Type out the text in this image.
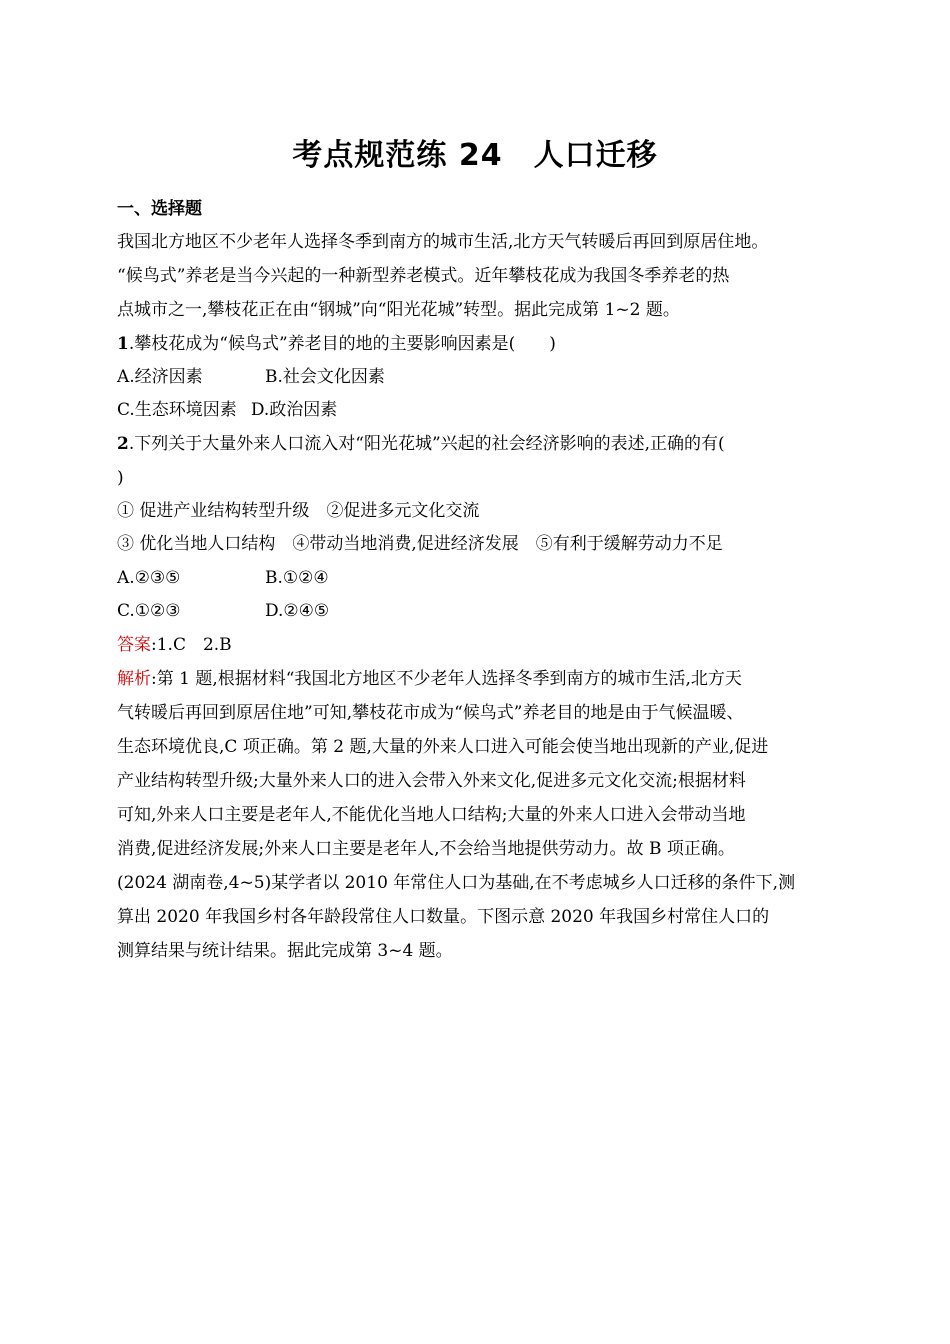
考点规范练 24　人口迁移
一、选择题
我国北方地区不少老年人选择冬季到南方的城市生活,北方天气转暖后再回到原居住地。
“候鸟式”养老是当今兴起的一种新型养老模式。近年攀枝花成为我国冬季养老的热
点城市之一,攀枝花正在由“钢城”向“阳光花城”转型。据此完成第 1~2 题。
1.攀枝花成为“候鸟式”养老目的地的主要影响因素是(　　)
A.经济因素	B.社会文化因素
C.生态环境因素 D.政治因素
2.下列关于大量外来人口流入对“阳光花城”兴起的社会经济影响的表述,正确的有(
)
① 促进产业结构转型升级　②促进多元文化交流
③ 优化当地人口结构　④带动当地消费,促进经济发展　⑤有利于缓解劳动力不足
A.②③⑤	B.①②④
C.①②③	D.②④⑤
答案:1.C　2.B
解析:第 1 题,根据材料“我国北方地区不少老年人选择冬季到南方的城市生活,北方天
气转暖后再回到原居住地”可知,攀枝花市成为“候鸟式”养老目的地是由于气候温暖、
生态环境优良,C 项正确。第 2 题,大量的外来人口进入可能会使当地出现新的产业,促进
产业结构转型升级;大量外来人口的进入会带入外来文化,促进多元文化交流;根据材料
可知,外来人口主要是老年人,不能优化当地人口结构;大量的外来人口进入会带动当地
消费,促进经济发展;外来人口主要是老年人,不会给当地提供劳动力。故 B 项正确。
(2024 湖南卷,4~5)某学者以 2010 年常住人口为基础,在不考虑城乡人口迁移的条件下,测
算出 2020 年我国乡村各年龄段常住人口数量。下图示意 2020 年我国乡村常住人口的
测算结果与统计结果。据此完成第 3~4 题。
